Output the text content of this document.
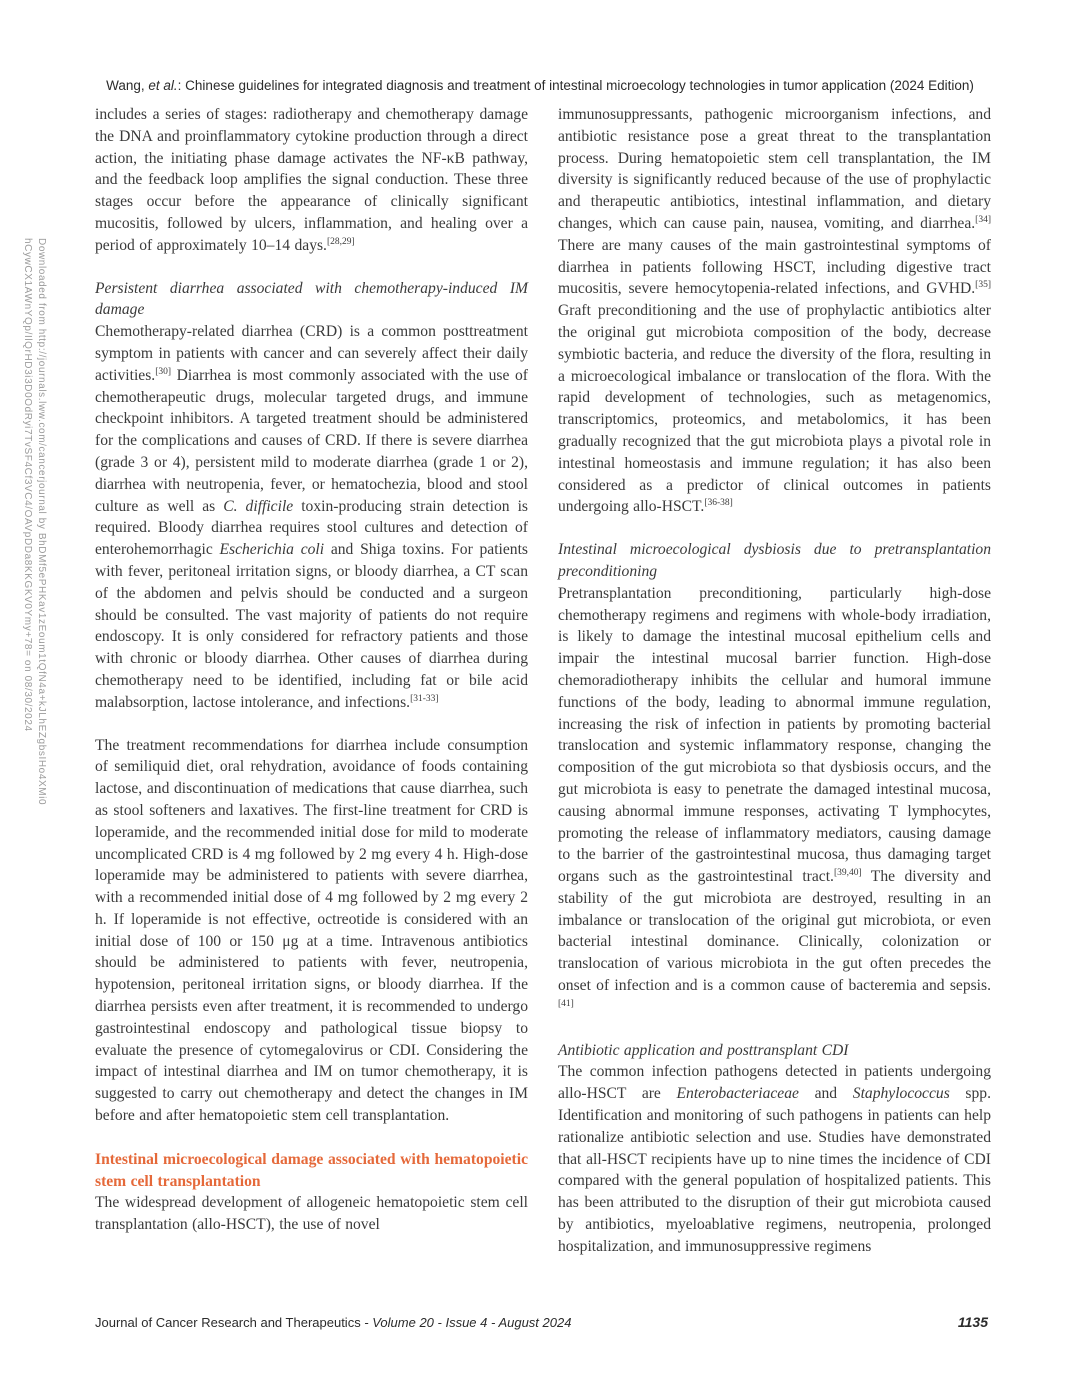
Downloaded from http://journals.lww.com/cancerjournal by BhDMf5ePHKav1zEoum1tQfN4a+kJLhEZgbsIHo4XMi0
hCywCX1AWnYQp/IlQrHD3i3D0OdRyi7TvSF4Cf3VC4/OAVpDDa8KKGKV0Ymy+78= on 08/30/2024
Wang, et al.: Chinese guidelines for integrated diagnosis and treatment of intestinal microecology technologies in tumor application (2024 Edition)
includes a series of stages: radiotherapy and chemotherapy damage the DNA and proinflammatory cytokine production through a direct action, the initiating phase damage activates the NF-κB pathway, and the feedback loop amplifies the signal conduction. These three stages occur before the appearance of clinically significant mucositis, followed by ulcers, inflammation, and healing over a period of approximately 10–14 days.[28,29]
Persistent diarrhea associated with chemotherapy-induced IM damage
Chemotherapy-related diarrhea (CRD) is a common posttreatment symptom in patients with cancer and can severely affect their daily activities.[30] Diarrhea is most commonly associated with the use of chemotherapeutic drugs, molecular targeted drugs, and immune checkpoint inhibitors. A targeted treatment should be administered for the complications and causes of CRD. If there is severe diarrhea (grade 3 or 4), persistent mild to moderate diarrhea (grade 1 or 2), diarrhea with neutropenia, fever, or hematochezia, blood and stool culture as well as C. difficile toxin-producing strain detection is required. Bloody diarrhea requires stool cultures and detection of enterohemorrhagic Escherichia coli and Shiga toxins. For patients with fever, peritoneal irritation signs, or bloody diarrhea, a CT scan of the abdomen and pelvis should be conducted and a surgeon should be consulted. The vast majority of patients do not require endoscopy. It is only considered for refractory patients and those with chronic or bloody diarrhea. Other causes of diarrhea during chemotherapy need to be identified, including fat or bile acid malabsorption, lactose intolerance, and infections.[31-33]
The treatment recommendations for diarrhea include consumption of semiliquid diet, oral rehydration, avoidance of foods containing lactose, and discontinuation of medications that cause diarrhea, such as stool softeners and laxatives. The first-line treatment for CRD is loperamide, and the recommended initial dose for mild to moderate uncomplicated CRD is 4 mg followed by 2 mg every 4 h. High-dose loperamide may be administered to patients with severe diarrhea, with a recommended initial dose of 4 mg followed by 2 mg every 2 h. If loperamide is not effective, octreotide is considered with an initial dose of 100 or 150 μg at a time. Intravenous antibiotics should be administered to patients with fever, neutropenia, hypotension, peritoneal irritation signs, or bloody diarrhea. If the diarrhea persists even after treatment, it is recommended to undergo gastrointestinal endoscopy and pathological tissue biopsy to evaluate the presence of cytomegalovirus or CDI. Considering the impact of intestinal diarrhea and IM on tumor chemotherapy, it is suggested to carry out chemotherapy and detect the changes in IM before and after hematopoietic stem cell transplantation.
Intestinal microecological damage associated with hematopoietic stem cell transplantation
The widespread development of allogeneic hematopoietic stem cell transplantation (allo-HSCT), the use of novel
immunosuppressants, pathogenic microorganism infections, and antibiotic resistance pose a great threat to the transplantation process. During hematopoietic stem cell transplantation, the IM diversity is significantly reduced because of the use of prophylactic and therapeutic antibiotics, intestinal inflammation, and dietary changes, which can cause pain, nausea, vomiting, and diarrhea.[34] There are many causes of the main gastrointestinal symptoms of diarrhea in patients following HSCT, including digestive tract mucositis, severe hemocytopenia-related infections, and GVHD.[35] Graft preconditioning and the use of prophylactic antibiotics alter the original gut microbiota composition of the body, decrease symbiotic bacteria, and reduce the diversity of the flora, resulting in a microecological imbalance or translocation of the flora. With the rapid development of technologies, such as metagenomics, transcriptomics, proteomics, and metabolomics, it has been gradually recognized that the gut microbiota plays a pivotal role in intestinal homeostasis and immune regulation; it has also been considered as a predictor of clinical outcomes in patients undergoing allo-HSCT.[36-38]
Intestinal microecological dysbiosis due to pretransplantation preconditioning
Pretransplantation preconditioning, particularly high-dose chemotherapy regimens and regimens with whole-body irradiation, is likely to damage the intestinal mucosal epithelium cells and impair the intestinal mucosal barrier function. High-dose chemoradiotherapy inhibits the cellular and humoral immune functions of the body, leading to abnormal immune regulation, increasing the risk of infection in patients by promoting bacterial translocation and systemic inflammatory response, changing the composition of the gut microbiota so that dysbiosis occurs, and the gut microbiota is easy to penetrate the damaged intestinal mucosa, causing abnormal immune responses, activating T lymphocytes, promoting the release of inflammatory mediators, causing damage to the barrier of the gastrointestinal mucosa, thus damaging target organs such as the gastrointestinal tract.[39,40] The diversity and stability of the gut microbiota are destroyed, resulting in an imbalance or translocation of the original gut microbiota, or even bacterial intestinal dominance. Clinically, colonization or translocation of various microbiota in the gut often precedes the onset of infection and is a common cause of bacteremia and sepsis.[41]
Antibiotic application and posttransplant CDI
The common infection pathogens detected in patients undergoing allo-HSCT are Enterobacteriaceae and Staphylococcus spp. Identification and monitoring of such pathogens in patients can help rationalize antibiotic selection and use. Studies have demonstrated that all-HSCT recipients have up to nine times the incidence of CDI compared with the general population of hospitalized patients. This has been attributed to the disruption of their gut microbiota caused by antibiotics, myeloablative regimens, neutropenia, prolonged hospitalization, and immunosuppressive regimens
Journal of Cancer Research and Therapeutics - Volume 20 - Issue 4 - August 2024	1135
